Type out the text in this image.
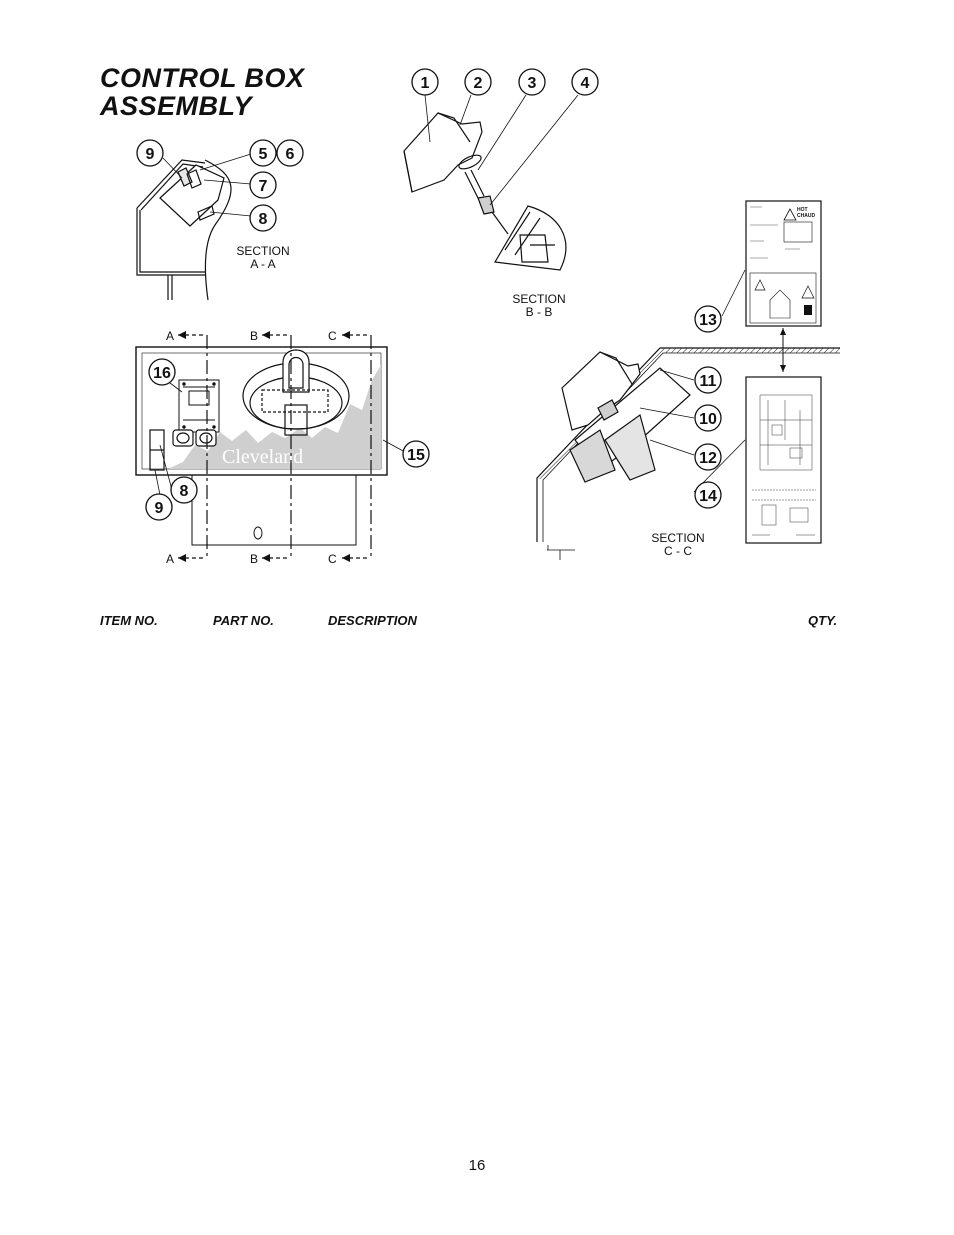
CONTROL BOX
ASSEMBLY
SECTION
A - A
SECTION
B - B
Cleveland
A	B	C
A	B	C
SECTION
C - C
HOT
CHAUD
1	2	3	4
9	5 6
7
8
16
15
8
9
13
11
10
12
14

ITEM NO.	PART NO.	DESCRIPTION	QTY.

16
